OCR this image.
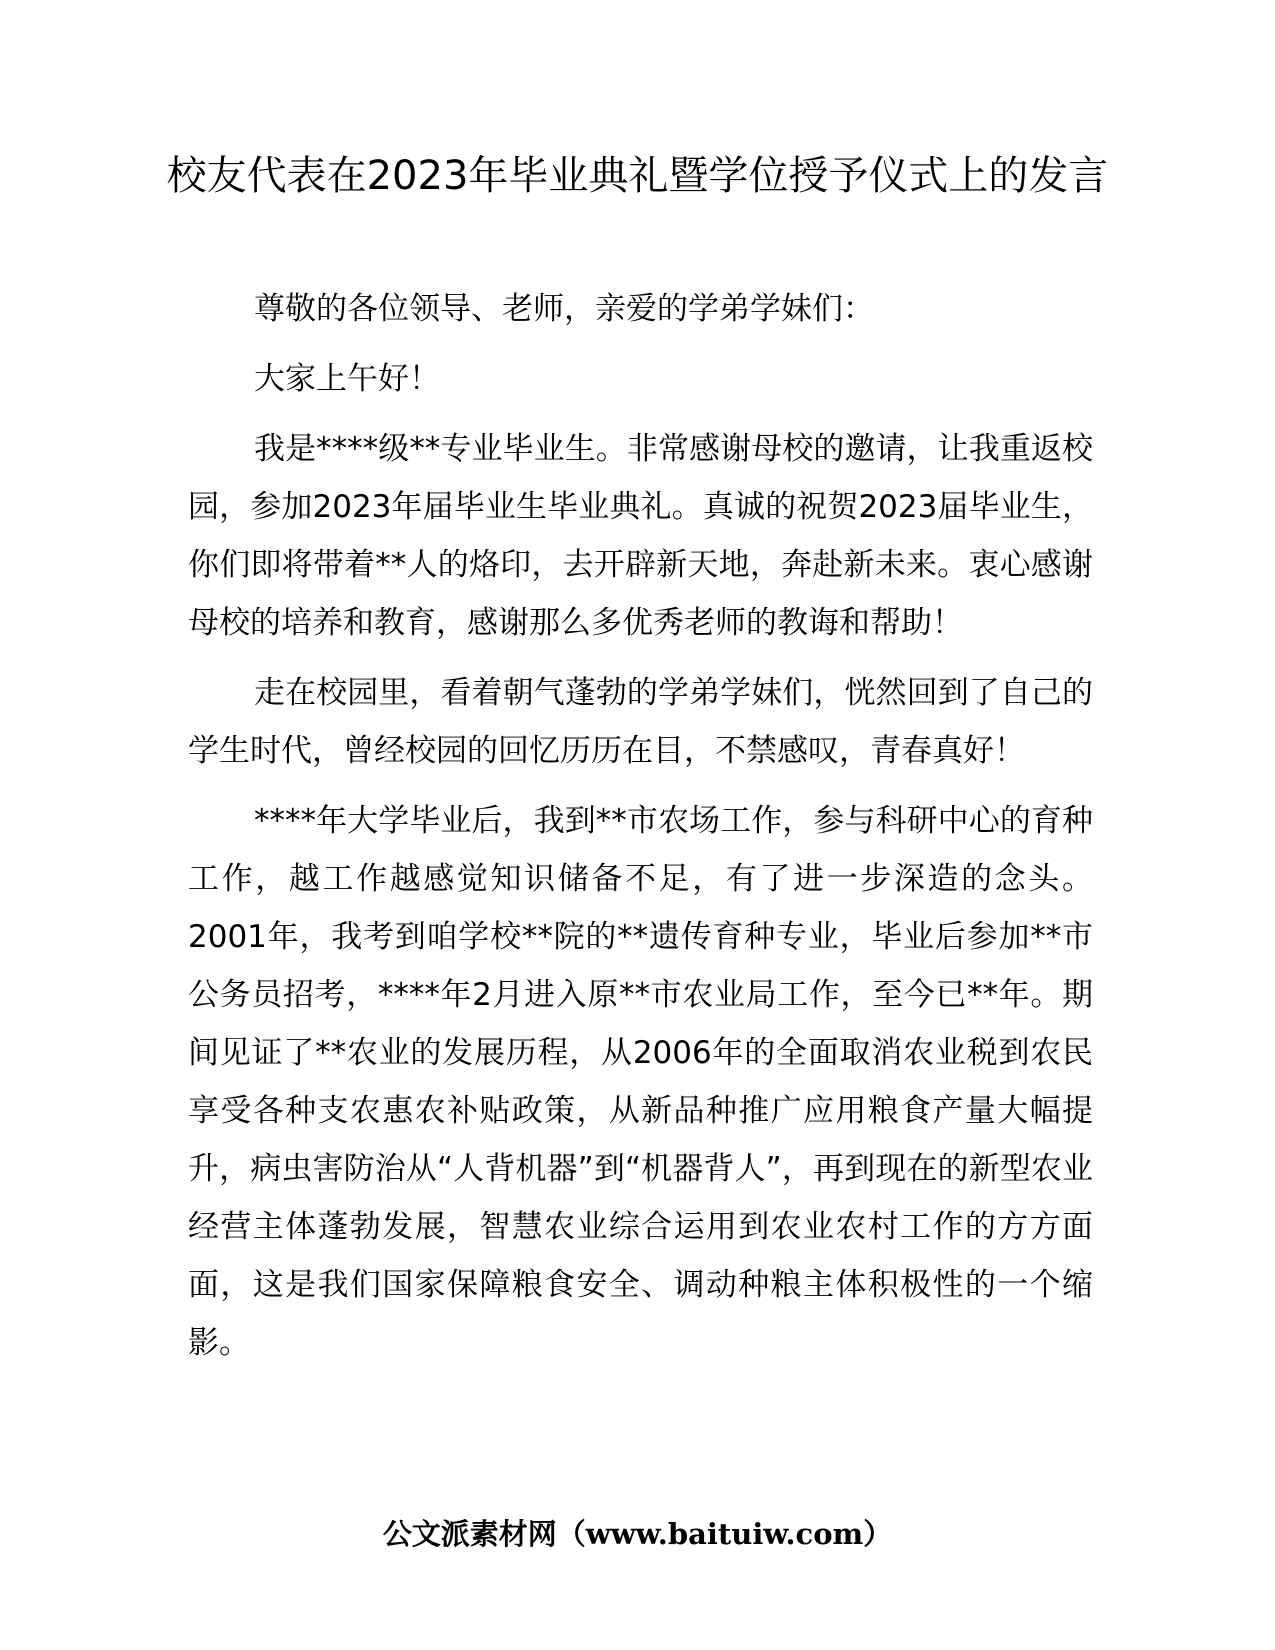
校友代表在2023年毕业典礼暨学位授予仪式上的发言

尊敬的各位领导、老师，亲爱的学弟学妹们：

大家上午好！

我是****级**专业毕业生。非常感谢母校的邀请，让我重返校园，参加2023年届毕业生毕业典礼。真诚的祝贺2023届毕业生，你们即将带着**人的烙印，去开辟新天地，奔赴新未来。衷心感谢母校的培养和教育，感谢那么多优秀老师的教诲和帮助！

走在校园里，看着朝气蓬勃的学弟学妹们，恍然回到了自己的学生时代，曾经校园的回忆历历在目，不禁感叹，青春真好！

****年大学毕业后，我到**市农场工作，参与科研中心的育种工作，越工作越感觉知识储备不足，有了进一步深造的念头。2001年，我考到咱学校**院的**遗传育种专业，毕业后参加**市公务员招考，****年2月进入原**市农业局工作，至今已**年。期间见证了**农业的发展历程，从2006年的全面取消农业税到农民享受各种支农惠农补贴政策，从新品种推广应用粮食产量大幅提升，病虫害防治从“人背机器”到“机器背人”，再到现在的新型农业经营主体蓬勃发展，智慧农业综合运用到农业农村工作的方方面面，这是我们国家保障粮食安全、调动种粮主体积极性的一个缩影。

公文派素材网（www.baituiw.com）
